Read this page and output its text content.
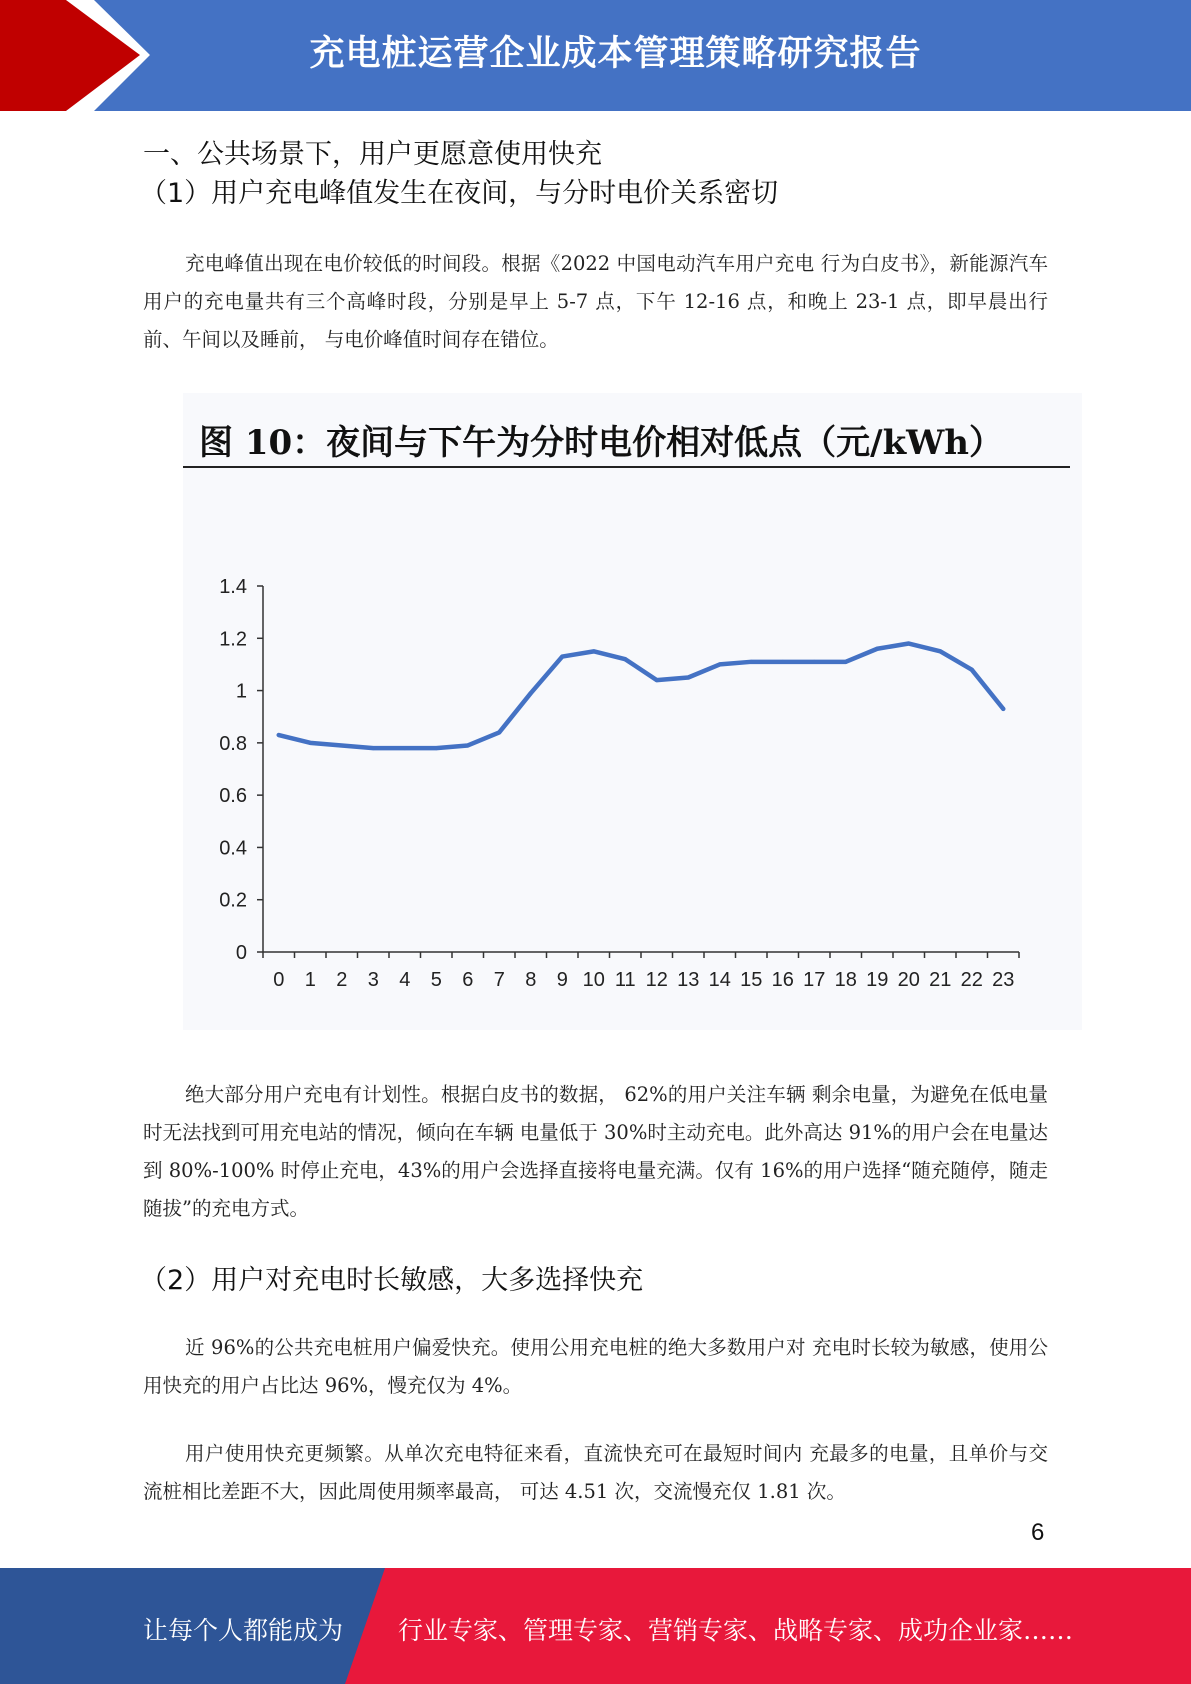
充电桩运营企业成本管理策略研究报告
一、公共场景下，用户更愿意使用快充
（1）用户充电峰值发生在夜间，与分时电价关系密切
充电峰值出现在电价较低的时间段。根据《2022 中国电动汽车用户充电 行为白皮书》，新能源汽车用户的充电量共有三个高峰时段，分别是早上 5-7 点，下午 12-16 点，和晚上 23-1 点，即早晨出行前、午间以及睡前， 与电价峰值时间存在错位。
图 10：夜间与下午为分时电价相对低点（元/kWh）
0
0.2
0.4
0.6
0.8
1
1.2
1.4
0 1 2 3 4 5 6 7 8 9 10 11 12 13 14 15 16 17 18 19 20 21 22 23
绝大部分用户充电有计划性。根据白皮书的数据， 62%的用户关注车辆 剩余电量，为避免在低电量时无法找到可用充电站的情况，倾向在车辆 电量低于 30%时主动充电。此外高达 91%的用户会在电量达到 80%-100% 时停止充电，43%的用户会选择直接将电量充满。仅有 16%的用户选择“随充随停，随走随拔”的充电方式。
（2）用户对充电时长敏感，大多选择快充
近 96%的公共充电桩用户偏爱快充。使用公用充电桩的绝大多数用户对 充电时长较为敏感，使用公用快充的用户占比达 96%，慢充仅为 4%。
用户使用快充更频繁。从单次充电特征来看，直流快充可在最短时间内 充最多的电量，且单价与交流桩相比差距不大，因此周使用频率最高， 可达 4.51 次，交流慢充仅 1.81 次。
6
让每个人都能成为 行业专家、管理专家、营销专家、战略专家、成功企业家……
